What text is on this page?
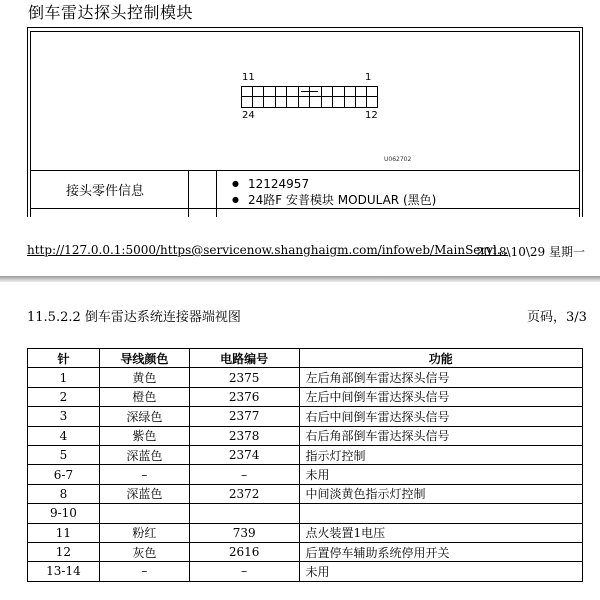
倒车雷达探头控制模块
11	1
24	12
U062702
接头零件信息	● 12124957
● 24路F 安普模块 MODULAR (黑色)
http://127.0.0.1:5000/https@servicenow.shanghaigm.com/infoweb/MainServl...
2018\10\29 星期一
11.5.2.2 倒车雷达系统连接器端视图	页码，3/3
针	导线颜色	电路编号	功能
1	黄色	2375	左后角部倒车雷达探头信号
2	橙色	2376	左后中间倒车雷达探头信号
3	深绿色	2377	右后中间倒车雷达探头信号
4	紫色	2378	右后角部倒车雷达探头信号
5	深蓝色	2374	指示灯控制
6-7	–	–	未用
8	深蓝色	2372	中间淡黄色指示灯控制
9-10			
11	粉红	739	点火装置1电压
12	灰色	2616	后置停车辅助系统停用开关
13-14	–	–	未用
